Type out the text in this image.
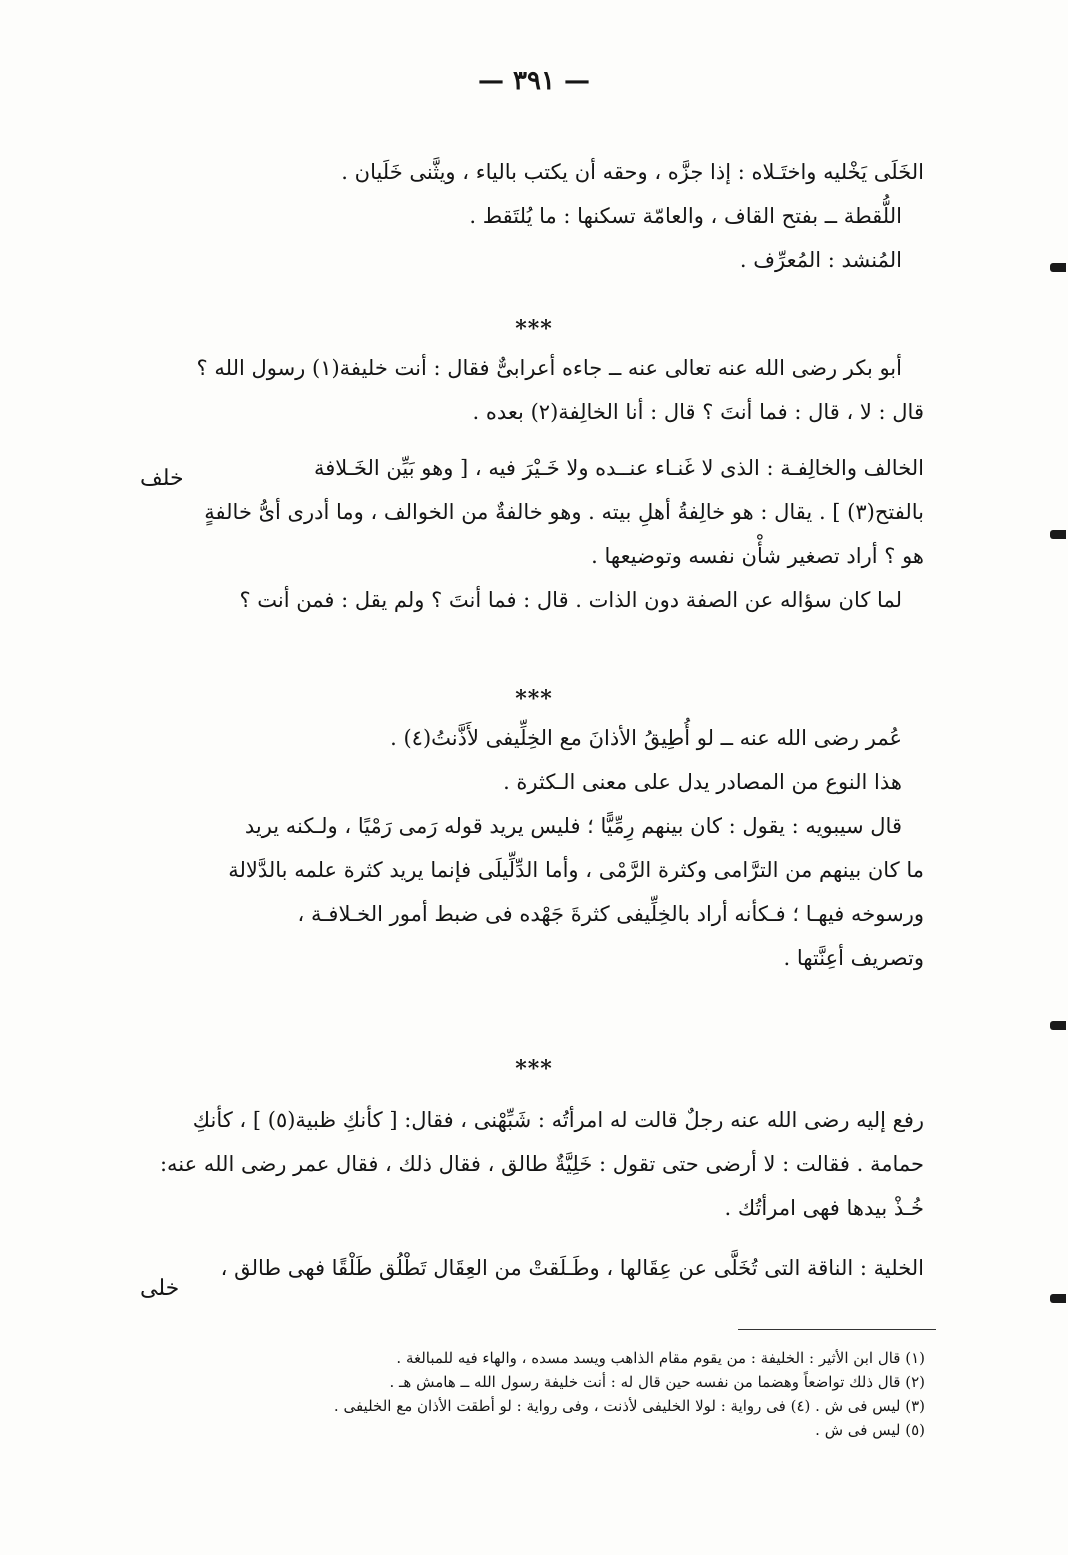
— ٣٩١ —
الخَلَى يَخْليه واختَـلاه : إذا جزَّه ، وحقه أن يكتب بالياء ، ويثَّنى خَلَيان .
اللُّقطة ــ بفتح القاف ، والعامّة تسكنها : ما يُلتَقط .
المُنشد : المُعرِّف .
***
أبو بكر رضى الله عنه تعالى عنه ــ جاءه أعرابىٌّ فقال : أنت خليفة(١) رسول الله ؟
قال : لا ، قال : فما أنتَ ؟ قال : أنا الخالِفة(٢) بعده .
الخالف والخالِفـة : الذى لا غَنـاء عنــده ولا خَـيْرَ فيه ، [ وهو بَيِّن الخَـلافة
بالفتح(٣) ] . يقال : هو خالِفةُ أهلِ بيته . وهو خالفةٌ من الخوالف ، وما أدرى أىُّ خالفةٍ
هو ؟ أراد تصغير شأْن نفسه وتوضيعها .
لما كان سؤاله عن الصفة دون الذات . قال : فما أنتَ ؟ ولم يقل : فمن أنت ؟
***
عُمر رضى الله عنه ــ لو أُطِيقُ الأذانَ مع الخِلِّيفى لأَذَّنتُ(٤) .
هذا النوع من المصادر يدل على معنى الـكثرة .
قال سيبويه : يقول : كان بينهم رِمِّيًّا ؛ فليس يريد قوله رَمى رَمْيًا ، ولـكنه يريد
ما كان بينهم من الترَّامى وكثرة الرَّمْى ، وأما الدِّلِّيلَى فإنما يريد كثرة علمه بالدَّلالة
ورسوخه فيهـا ؛ فـكأنه أراد بالخِلِّيفى كثرةَ جَهْده فى ضبط أمور الخـلافـة ،
وتصريف أعِنَّتها .
***
رفع إليه رضى الله عنه رجلٌ قالت له امرأتُه : شَبِّهْنى ، فقال: [ كأنكِ ظبية(٥) ] ، كأنكِ
حمامة . فقالت : لا أرضى حتى تقول : خَلِيَّةٌ طالق ، فقال ذلك ، فقال عمر رضى الله عنه:
خُـذْ بيدها فهى امرأتُك .
الخلية : الناقة التى تُخَلَّى عن عِقَالها ، وطَـلَقتْ من العِقَال تَطْلُق طَلْقًا فهى طالق ،
خلف
خلى
(١) قال ابن الأثير : الخليفة : من يقوم مقام الذاهب ويسد مسده ، والهاء فيه للمبالغة .
(٢) قال ذلك تواضعاً وهضما من نفسه حين قال له : أنت خليفة رسول الله ــ هامش هـ .
(٣) ليس فى ش . (٤) فى رواية : لولا الخليفى لأذنت ، وفى رواية : لو أطقت الأذان مع الخليفى .
(٥) ليس فى ش .
